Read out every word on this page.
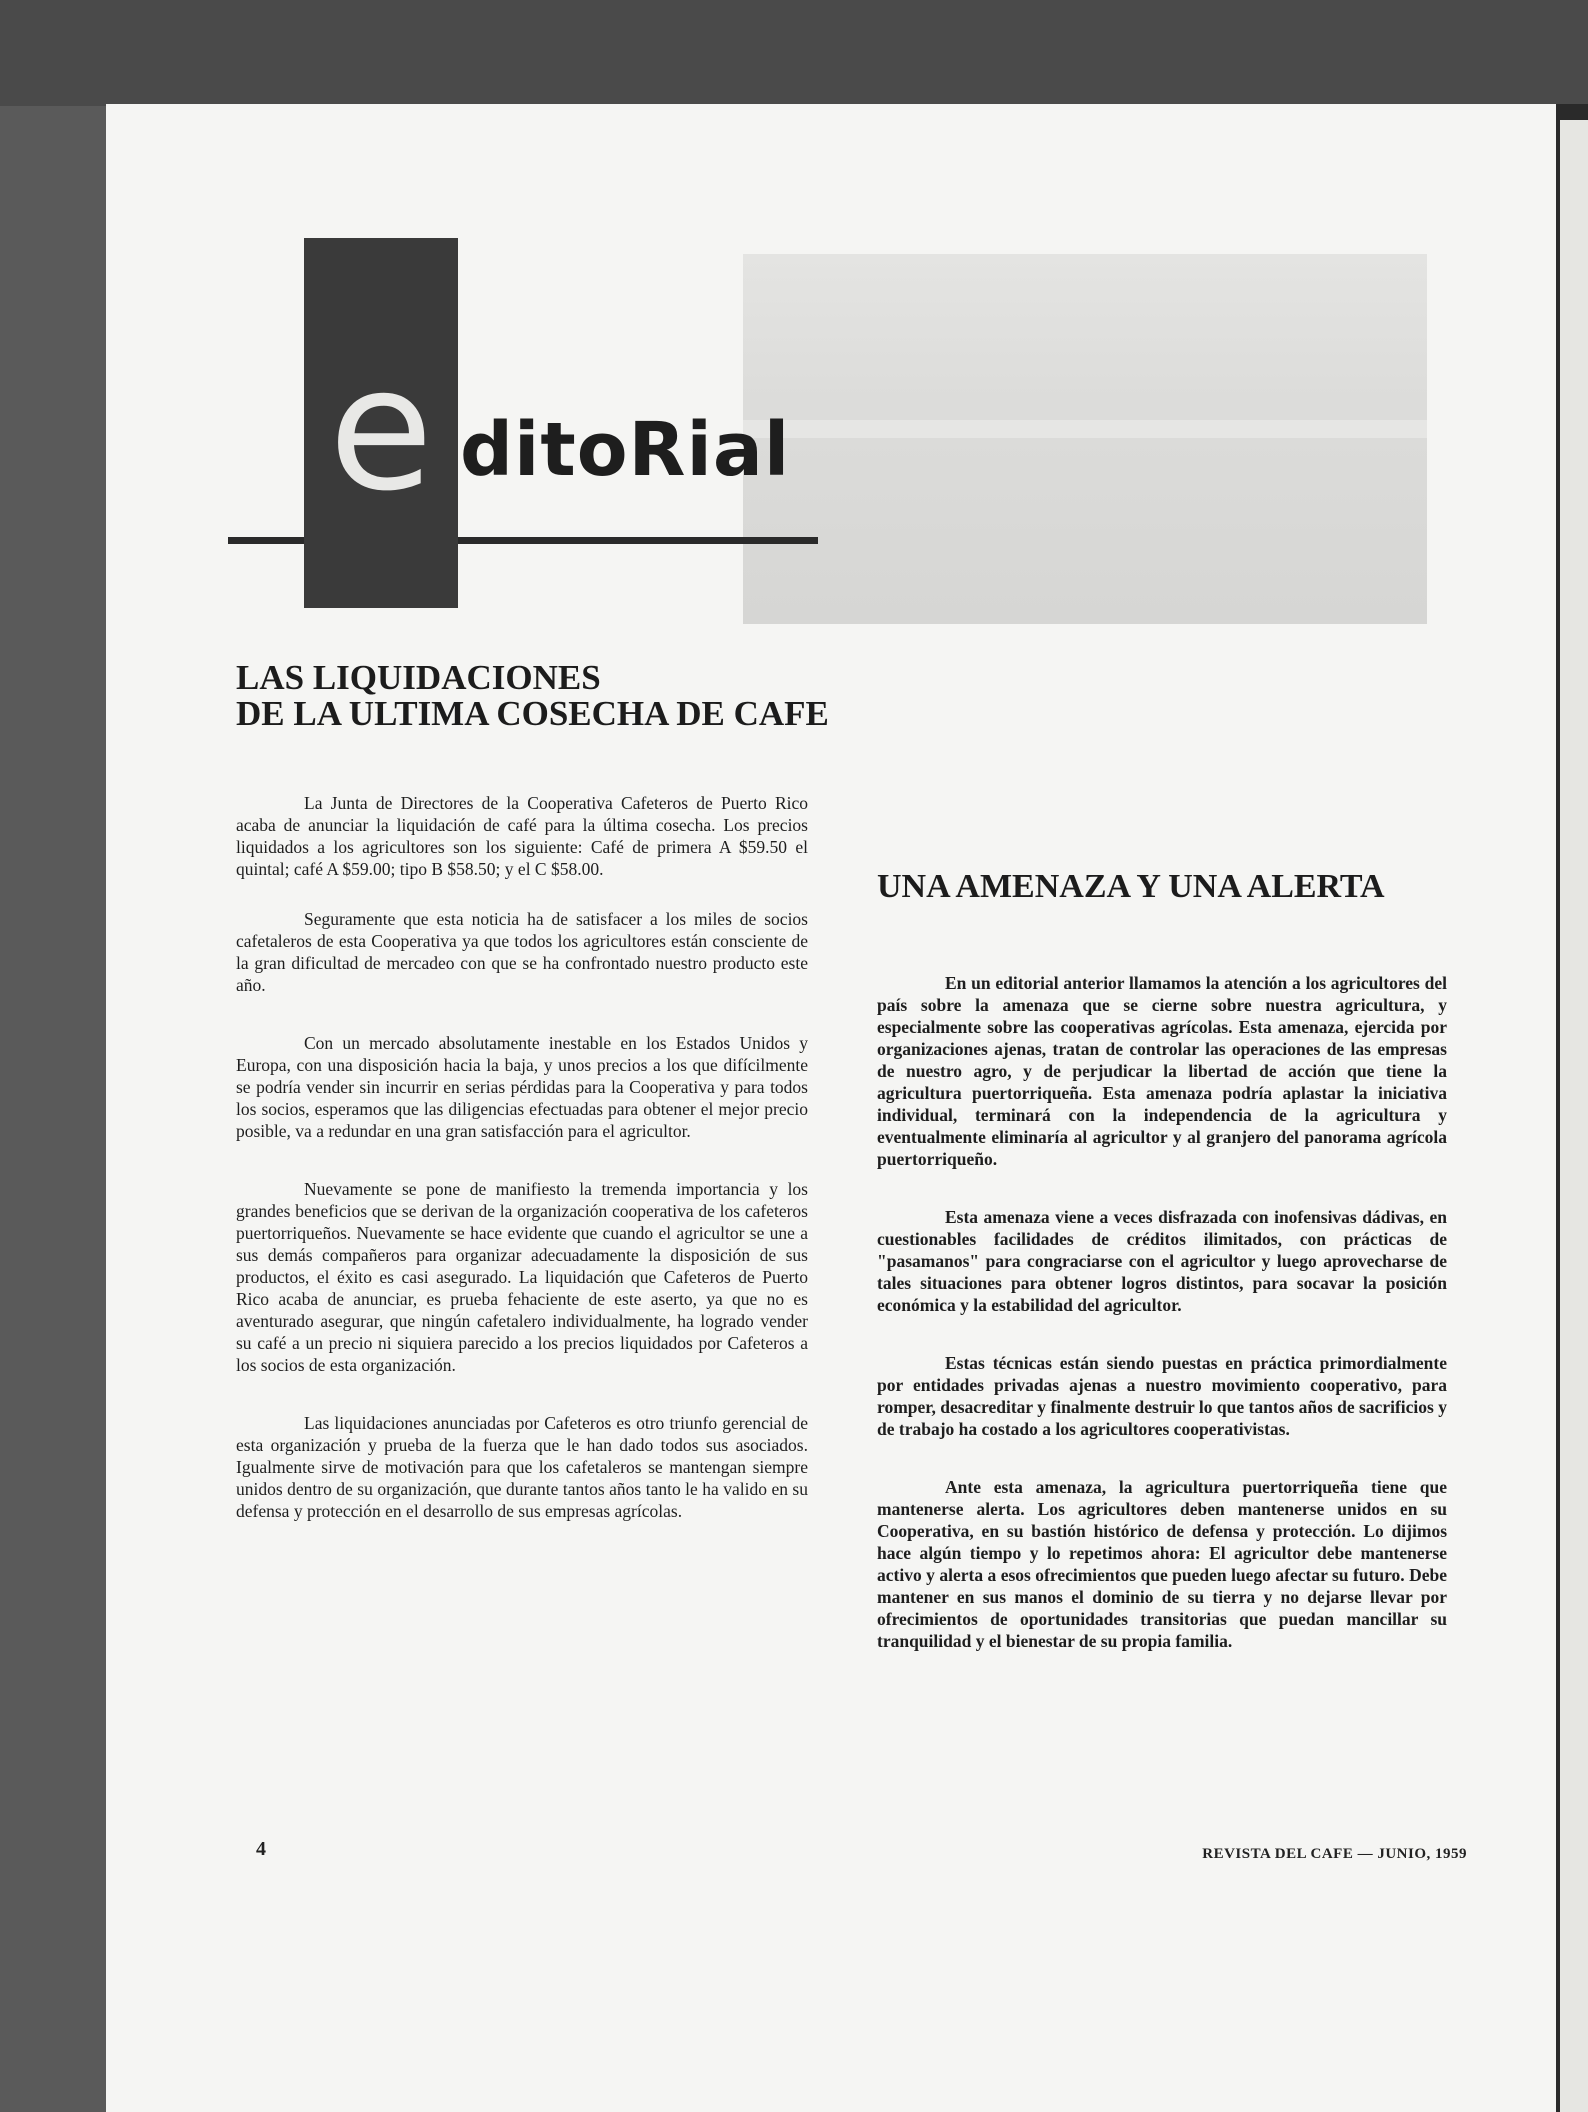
e ditoRial
LAS LIQUIDACIONES
DE LA ULTIMA COSECHA DE CAFE

La Junta de Directores de la Cooperativa Cafeteros de Puerto Rico acaba de anunciar la liquidación de café para la última cosecha. Los precios liquidados a los agricultores son los siguiente: Café de primera A $59.50 el quintal; café A $59.00; tipo B $58.50; y el C $58.00.

Seguramente que esta noticia ha de satisfacer a los miles de socios cafetaleros de esta Cooperativa ya que todos los agricultores están consciente de la gran dificultad de mercadeo con que se ha confrontado nuestro producto este año.

Con un mercado absolutamente inestable en los Estados Unidos y Europa, con una disposición hacia la baja, y unos precios a los que difícilmente se podría vender sin incurrir en serias pérdidas para la Cooperativa y para todos los socios, esperamos que las diligencias efectuadas para obtener el mejor precio posible, va a redundar en una gran satisfacción para el agricultor.

Nuevamente se pone de manifiesto la tremenda importancia y los grandes beneficios que se derivan de la organización cooperativa de los cafeteros puertorriqueños. Nuevamente se hace evidente que cuando el agricultor se une a sus demás compañeros para organizar adecuadamente la disposición de sus productos, el éxito es casi asegurado. La liquidación que Cafeteros de Puerto Rico acaba de anunciar, es prueba fehaciente de este aserto, ya que no es aventurado asegurar, que ningún cafetalero individualmente, ha logrado vender su café a un precio ni siquiera parecido a los precios liquidados por Cafeteros a los socios de esta organización.

Las liquidaciones anunciadas por Cafeteros es otro triunfo gerencial de esta organización y prueba de la fuerza que le han dado todos sus asociados. Igualmente sirve de motivación para que los cafetaleros se mantengan siempre unidos dentro de su organización, que durante tantos años tanto le ha valido en su defensa y protección en el desarrollo de sus empresas agrícolas.

UNA AMENAZA Y UNA ALERTA

En un editorial anterior llamamos la atención a los agricultores del país sobre la amenaza que se cierne sobre nuestra agricultura, y especialmente sobre las cooperativas agrícolas. Esta amenaza, ejercida por organizaciones ajenas, tratan de controlar las operaciones de las empresas de nuestro agro, y de perjudicar la libertad de acción que tiene la agricultura puertorriqueña. Esta amenaza podría aplastar la iniciativa individual, terminará con la independencia de la agricultura y eventualmente eliminaría al agricultor y al granjero del panorama agrícola puertorriqueño.

Esta amenaza viene a veces disfrazada con inofensivas dádivas, en cuestionables facilidades de créditos ilimitados, con prácticas de "pasamanos" para congraciarse con el agricultor y luego aprovecharse de tales situaciones para obtener logros distintos, para socavar la posición económica y la estabilidad del agricultor.

Estas técnicas están siendo puestas en práctica primordialmente por entidades privadas ajenas a nuestro movimiento cooperativo, para romper, desacreditar y finalmente destruir lo que tantos años de sacrificios y de trabajo ha costado a los agricultores cooperativistas.

Ante esta amenaza, la agricultura puertorriqueña tiene que mantenerse alerta. Los agricultores deben mantenerse unidos en su Cooperativa, en su bastión histórico de defensa y protección. Lo dijimos hace algún tiempo y lo repetimos ahora: El agricultor debe mantenerse activo y alerta a esos ofrecimientos que pueden luego afectar su futuro. Debe mantener en sus manos el dominio de su tierra y no dejarse llevar por ofrecimientos de oportunidades transitorias que puedan mancillar su tranquilidad y el bienestar de su propia familia.

4	REVISTA DEL CAFE — JUNIO, 1959
